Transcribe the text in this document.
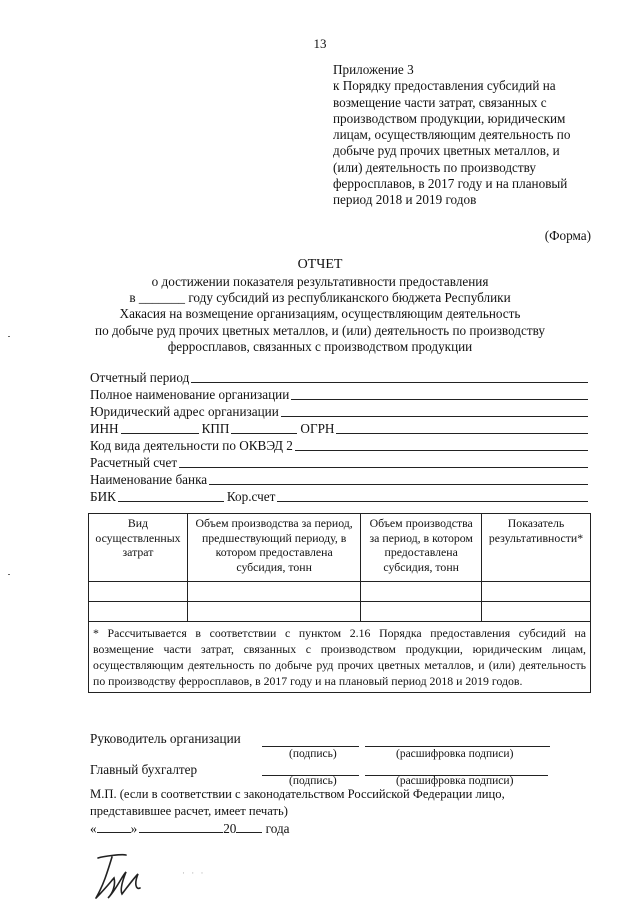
13
Приложение 3
к Порядку предоставления субсидий на
возмещение части затрат, связанных с
производством продукции, юридическим
лицам, осуществляющим деятельность по
добыче руд прочих цветных металлов, и
(или) деятельность по производству
ферросплавов, в 2017 году и на плановый
период 2018 и 2019 годов
(Форма)
ОТЧЕТ
о достижении показателя результативности предоставления
в _______ году субсидий из республиканского бюджета Республики
Хакасия на возмещение организациям, осуществляющим деятельность
по добыче руд прочих цветных металлов, и (или) деятельность по производству
ферросплавов, связанных с производством продукции
Отчетный период
Полное наименование организации
Юридический адрес организации
ИНН	КПП	ОГРН
Код вида деятельности по ОКВЭД 2
Расчетный счет
Наименование банка
БИК	Кор.счет
Вид осуществленных затрат	Объем производства за период, предшествующий периоду, в котором предоставлена субсидия, тонн	Объем производства за период, в котором предоставлена субсидия, тонн	Показатель результативности*

* Рассчитывается в соответствии с пунктом 2.16 Порядка предоставления субсидий на возмещение части затрат, связанных с производством продукции, юридическим лицам, осуществляющим деятельность по добыче руд прочих цветных металлов, и (или) деятельность по производству ферросплавов, в 2017 году и на плановый период 2018 и 2019 годов.			
Руководитель организации
(подпись)	(расшифровка подписи)
Главный бухгалтер
(подпись)	(расшифровка подписи)
М.П. (если в соответствии с законодательством Российской Федерации лицо,
представившее расчет, имеет печать)
«	»	20 года
· · ·
